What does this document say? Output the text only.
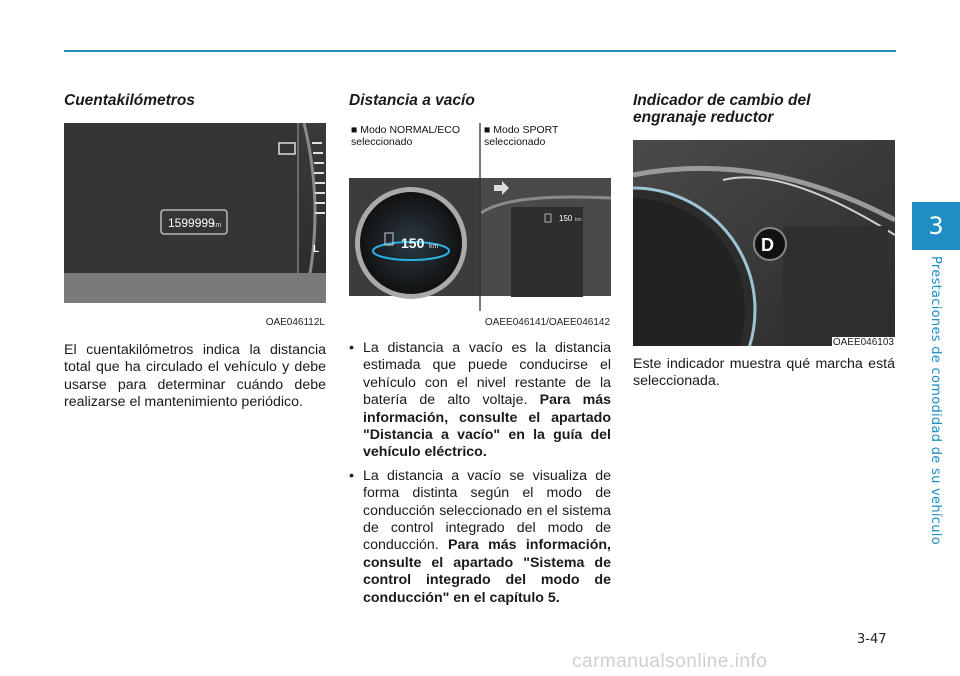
3
Prestaciones de comodidad de su vehículo
Cuentakilómetros
1599999
km
L
OAE046112L

El cuentakilómetros indica la distancia total que ha circulado el vehículo y debe usarse para determinar cuándo debe realizarse el mantenimiento periódico.

Distancia a vacío
150 km
150 km
■ Modo NORMAL/ECO seleccionado
■ Modo SPORT seleccionado
OAEE046141/OAEE046142
• La distancia a vacío es la distancia estimada que puede conducirse el vehículo con el nivel restante de la batería de alto voltaje. Para más información, consulte el apartado "Distancia a vacío" en la guía del vehículo eléctrico.
• La distancia a vacío se visualiza de forma distinta según el modo de conducción seleccionado en el sistema de control integrado del modo de conducción. Para más información, consulte el apartado "Sistema de control integrado del modo de conducción" en el capítulo 5.
Indicador de cambio del engranaje reductor
D
OAEE046103

Este indicador muestra qué marcha está seleccionada.

3-47
carmanualsonline.info
